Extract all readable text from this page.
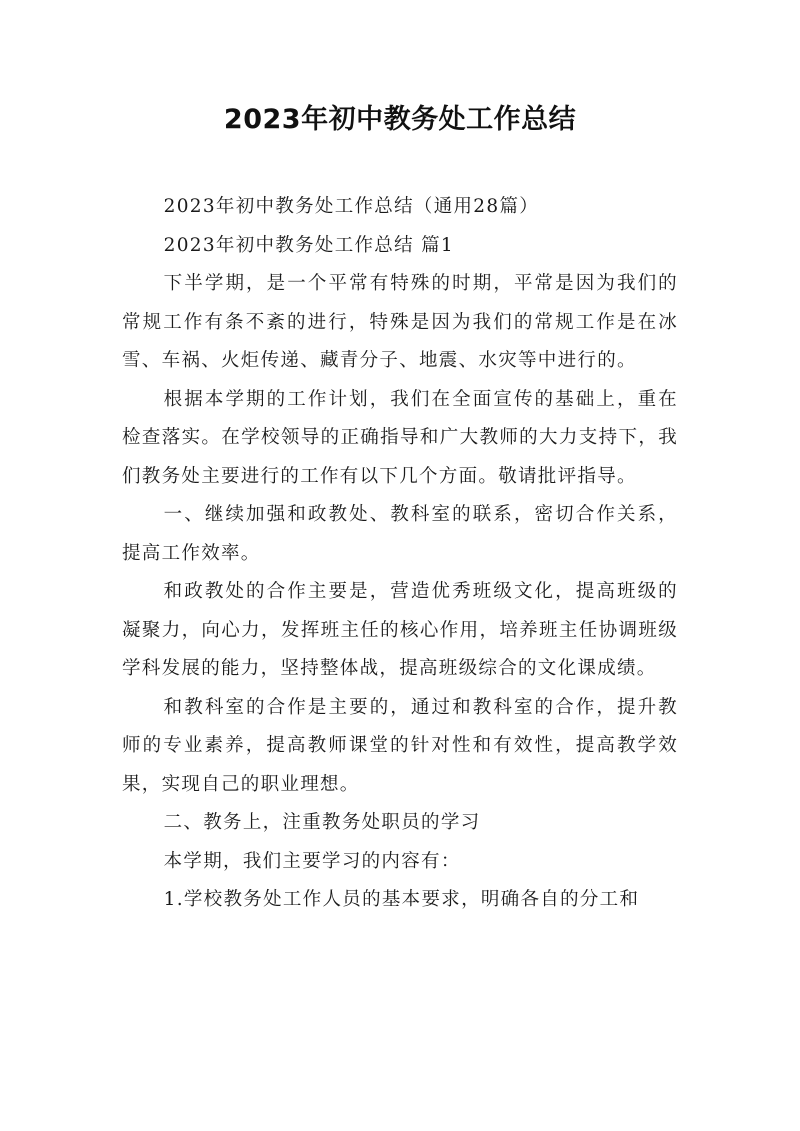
2023年初中教务处工作总结

2023年初中教务处工作总结（通用28篇）

2023年初中教务处工作总结 篇1

下半学期，是一个平常有特殊的时期，平常是因为我们的常规工作有条不紊的进行，特殊是因为我们的常规工作是在冰雪、车祸、火炬传递、藏青分子、地震、水灾等中进行的。

根据本学期的工作计划，我们在全面宣传的基础上，重在检查落实。在学校领导的正确指导和广大教师的大力支持下，我们教务处主要进行的工作有以下几个方面。敬请批评指导。

一、继续加强和政教处、教科室的联系，密切合作关系，提高工作效率。

和政教处的合作主要是，营造优秀班级文化，提高班级的凝聚力，向心力，发挥班主任的核心作用，培养班主任协调班级学科发展的能力，坚持整体战，提高班级综合的文化课成绩。

和教科室的合作是主要的，通过和教科室的合作，提升教师的专业素养，提高教师课堂的针对性和有效性，提高教学效果，实现自己的职业理想。

二、教务上，注重教务处职员的学习

本学期，我们主要学习的内容有：

1.学校教务处工作人员的基本要求，明确各自的分工和
